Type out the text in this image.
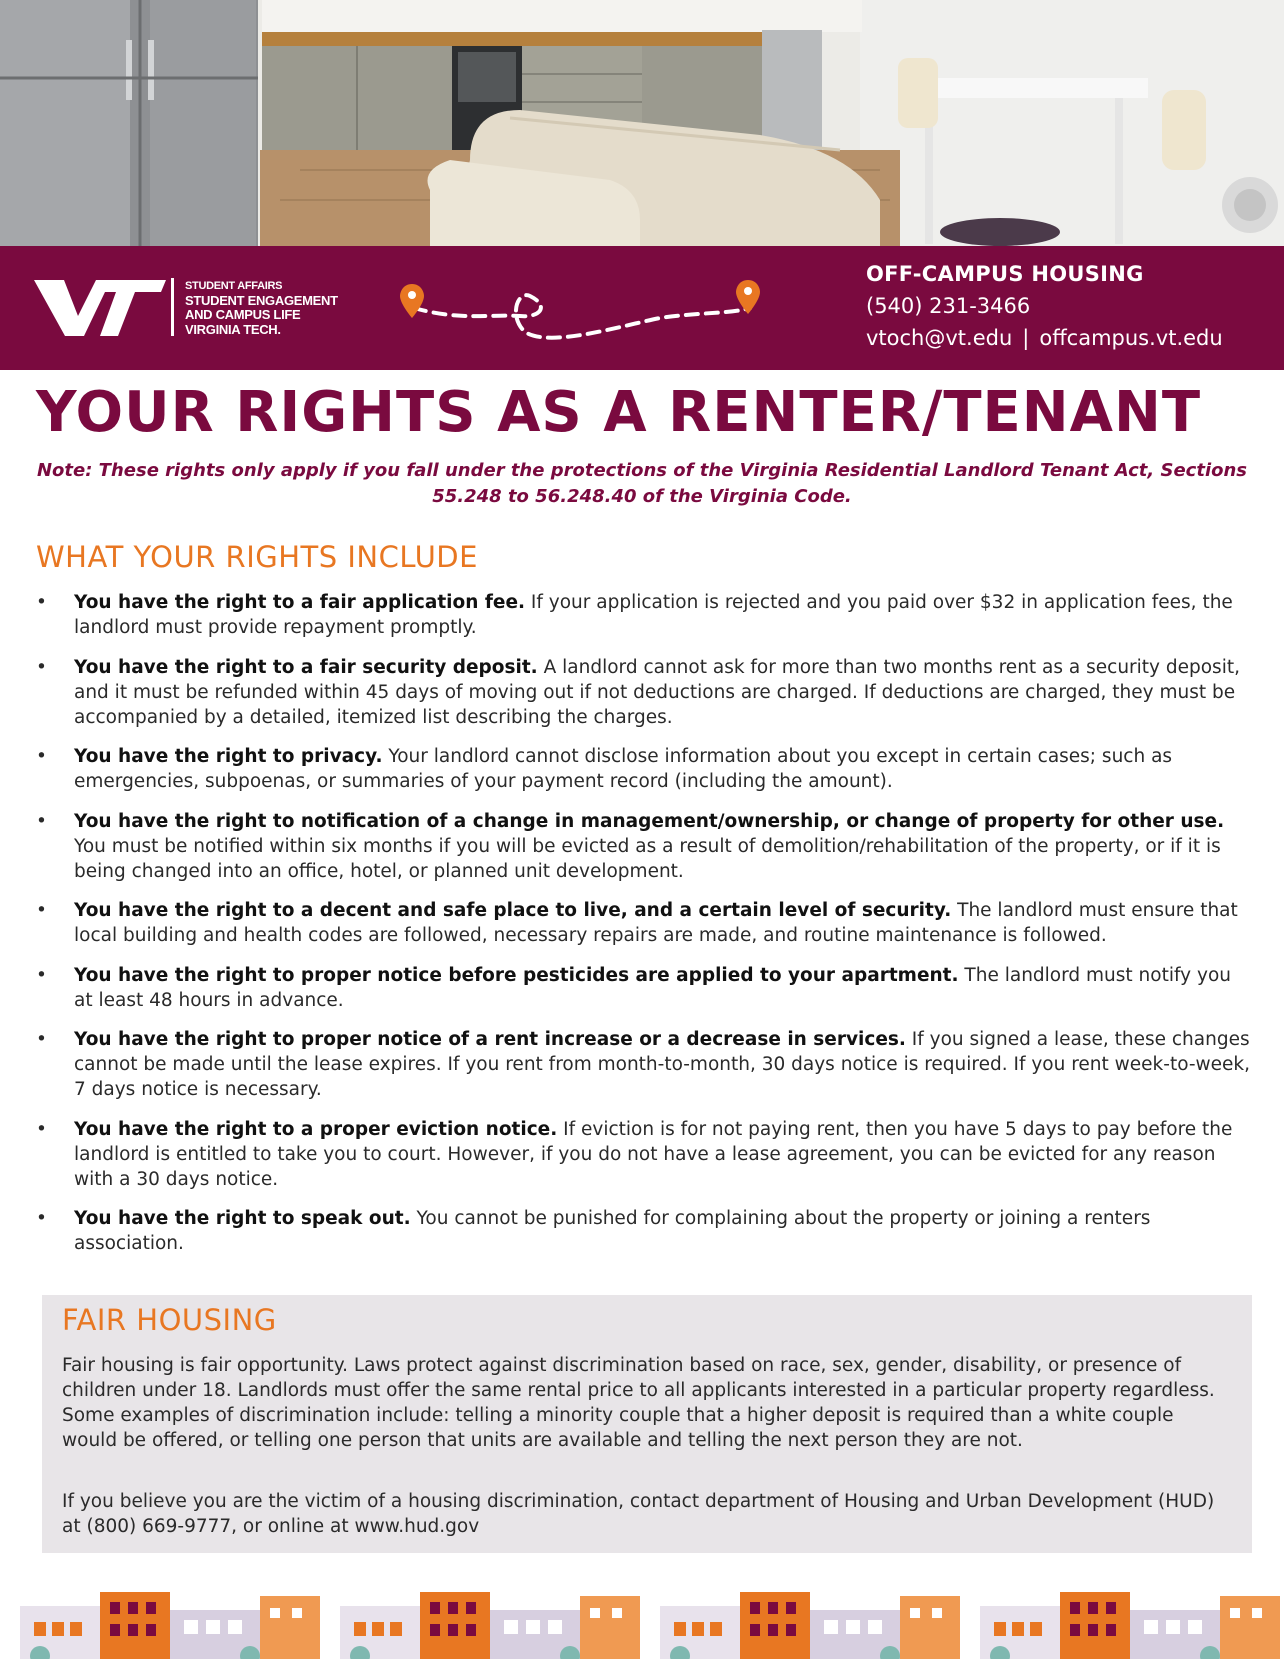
STUDENT AFFAIRS
STUDENT ENGAGEMENT
AND CAMPUS LIFE
VIRGINIA TECH.
OFF-CAMPUS HOUSING
(540) 231-3466
vtoch@vt.edu | offcampus.vt.edu
YOUR RIGHTS AS A RENTER/TENANT
Note: These rights only apply if you fall under the protections of the Virginia Residential Landlord Tenant Act, Sections 55.248 to 56.248.40 of the Virginia Code.
WHAT YOUR RIGHTS INCLUDE
• You have the right to a fair application fee. If your application is rejected and you paid over $32 in application fees, the landlord must provide repayment promptly.
• You have the right to a fair security deposit. A landlord cannot ask for more than two months rent as a security deposit, and it must be refunded within 45 days of moving out if not deductions are charged. If deductions are charged, they must be accompanied by a detailed, itemized list describing the charges.
• You have the right to privacy. Your landlord cannot disclose information about you except in certain cases; such as emergencies, subpoenas, or summaries of your payment record (including the amount).
• You have the right to notification of a change in management/ownership, or change of property for other use. You must be notified within six months if you will be evicted as a result of demolition/rehabilitation of the property, or if it is being changed into an office, hotel, or planned unit development.
• You have the right to a decent and safe place to live, and a certain level of security. The landlord must ensure that local building and health codes are followed, necessary repairs are made, and routine maintenance is followed.
• You have the right to proper notice before pesticides are applied to your apartment. The landlord must notify you at least 48 hours in advance.
• You have the right to proper notice of a rent increase or a decrease in services. If you signed a lease, these changes cannot be made until the lease expires. If you rent from month-to-month, 30 days notice is required. If you rent week-to-week, 7 days notice is necessary.
• You have the right to a proper eviction notice. If eviction is for not paying rent, then you have 5 days to pay before the landlord is entitled to take you to court. However, if you do not have a lease agreement, you can be evicted for any reason with a 30 days notice.
• You have the right to speak out. You cannot be punished for complaining about the property or joining a renters association.
FAIR HOUSING

Fair housing is fair opportunity. Laws protect against discrimination based on race, sex, gender, disability, or presence of children under 18. Landlords must offer the same rental price to all applicants interested in a particular property regardless. Some examples of discrimination include: telling a minority couple that a higher deposit is required than a white couple would be offered, or telling one person that units are available and telling the next person they are not.

If you believe you are the victim of a housing discrimination, contact department of Housing and Urban Development (HUD) at (800) 669-9777, or online at www.hud.gov
